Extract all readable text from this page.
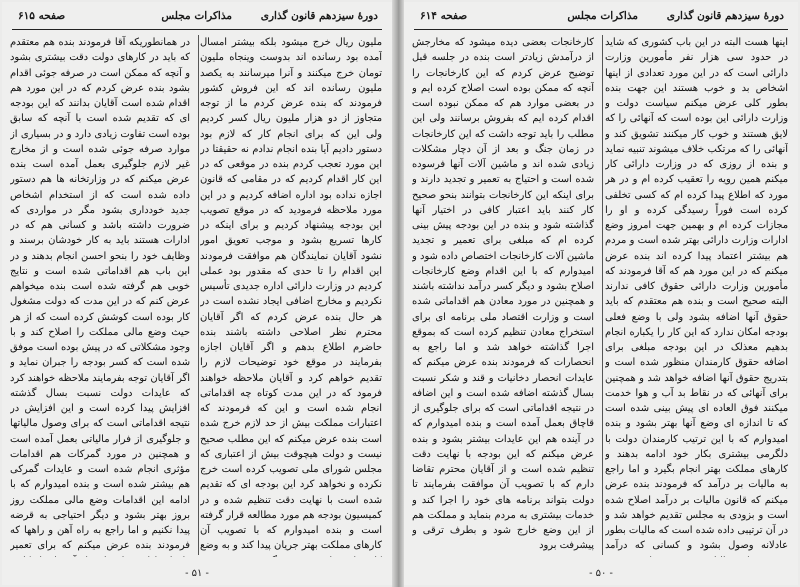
دورهٔ سیزدهم قانون گذاری
مذاکرات مجلس
صفحه ۶۱۵

ملیون ریال خرج میشود بلکه بیشتر امسال آمده بود رسانده اند بدوست وینجاه ملیون تومان خرج میکنند و آنرا میرسانند به یکصد ملیون رسانده اند که این فروش کشور فرمودند که بنده عرض کردم ما از توجه متجاوز از دو هزار ملیون ریال کسر کردیم ولی این که برای انجام کار که لازم بود دستور دادیم آیا بنده انجام ندادم نه حقیقتا در این مورد تعجب کردم بنده در موقعی که در این کار اقدام کردیم که در مقامی که قانون اجازه نداده بود اداره اضافه کردیم و در این مورد ملاحظه فرمودید که در موقع تصویب این بودجه پیشنهاد کردیم و برای اینکه در کارها تسریع بشود و موجب تعویق امور نشود آقایان نمایندگان هم موافقت فرمودند این اقدام را تا حدی که مقدور بود عملی کردیم در وزارت دارائی اداره جدیدی تأسیس نکردیم و مخارج اضافی ایجاد نشده است در هر حال بنده عرض کردم که اگر آقایان محترم نظر اصلاحی داشته باشند بنده حاضرم اطلاع بدهم و اگر آقایان اجازه بفرمایند در موقع خود توضیحات لازم را تقدیم خواهم کرد و آقایان ملاحظه خواهند فرمود که در این مدت کوتاه چه اقداماتی انجام شده است و این که فرمودند که اعتبارات مملکت بیش از حد لازم خرج شده است بنده عرض میکنم که این مطلب صحیح نیست و دولت هیچوقت بیش از اعتباری که مجلس شورای ملی تصویب کرده است خرج نکرده و نخواهد کرد این بودجه ای که تقدیم شده است با نهایت دقت تنظیم شده و در کمیسیون بودجه هم مورد مطالعه قرار گرفته است و بنده امیدوارم که با تصویب آن کارهای مملکت بهتر جریان پیدا کند و به وضع

در همانطوریکه آقا فرمودند بنده هم معتقدم که باید در کارهای دولت دقت بیشتری بشود و آنچه که ممکن است در صرفه جوئی اقدام بشود بنده عرض کردم که در این مورد هم اقدام شده است آقایان بدانند که این بودجه ای که تقدیم شده است با آنچه که سابق بوده است تفاوت زیادی دارد و در بسیاری از موارد صرفه جوئی شده است و از مخارج غیر لازم جلوگیری بعمل آمده است بنده عرض میکنم که در وزارتخانه ها هم دستور داده شده است که از استخدام اشخاص جدید خودداری بشود مگر در مواردی که ضرورت داشته باشد و کسانی هم که در ادارات هستند باید به کار خودشان برسند و وظایف خود را بنحو احسن انجام بدهند و در این باب هم اقداماتی شده است و نتایج خوبی هم گرفته شده است بنده میخواهم عرض کنم که در این مدت که دولت مشغول کار بوده است کوشش کرده است که از هر حیث وضع مالی مملکت را اصلاح کند و با وجود مشکلاتی که در پیش بوده است موفق شده است که کسر بودجه را جبران نماید و اگر آقایان توجه بفرمایند ملاحظه خواهند کرد که عایدات دولت نسبت بسال گذشته افزایش پیدا کرده است و این افزایش در نتیجه اقداماتی است که برای وصول مالیاتها و جلوگیری از فرار مالیاتی بعمل آمده است و همچنین در مورد گمرکات هم اقدامات مؤثری انجام شده است و عایدات گمرکی هم بیشتر شده است و بنده امیدوارم که با ادامه این اقدامات وضع مالی مملکت روز بروز بهتر بشود و دیگر احتیاجی به قرضه پیدا نکنیم و اما راجع به راه آهن و راهها که فرمودند بنده عرض میکنم که برای تعمیر

- ۵۱ -
دورهٔ سیزدهم قانون گذاری
مذاکرات مجلس
صفحه ۶۱۴

اینها هست البته در این باب کشوری که شاید در حدود سی هزار نفر مأمورین وزارت دارائی است که در این مورد تعدادی از اینها اشخاص بد و خوب هستند این جهت بنده بطور کلی عرض میکنم سیاست دولت و وزارت دارائی این بوده است که آنهائی را که لایق هستند و خوب کار میکنند تشویق کند و آنهائی را که مرتکب خلاف میشوند تنبیه نماید و بنده از روزی که در وزارت دارائی کار میکنم همین رویه را تعقیب کرده ام و در هر مورد که اطلاع پیدا کرده ام که کسی تخلفی کرده است فوراً رسیدگی کرده و او را مجازات کرده ام و بهمین جهت امروز وضع ادارات وزارت دارائی بهتر شده است و مردم هم بیشتر اعتماد پیدا کرده اند بنده عرض میکنم که در این مورد هم که آقا فرمودند که مأمورین وزارت دارائی حقوق کافی ندارند البته صحیح است و بنده هم معتقدم که باید حقوق آنها اضافه بشود ولی با وضع فعلی بودجه امکان ندارد که این کار را یکباره انجام بدهیم معذلک در این بودجه مبلغی برای اضافه حقوق کارمندان منظور شده است و بتدریج حقوق آنها اضافه خواهد شد و همچنین برای آنهائی که در نقاط بد آب و هوا خدمت میکنند فوق العاده ای پیش بینی شده است که تا اندازه ای وضع آنها بهتر بشود و بنده امیدوارم که با این ترتیب کارمندان دولت با دلگرمی بیشتری بکار خود ادامه بدهند و کارهای مملکت بهتر انجام بگیرد و اما راجع به مالیات بر درآمد که فرمودند بنده عرض میکنم که قانون مالیات بر درآمد اصلاح شده است و بزودی به مجلس تقدیم خواهد شد و در آن ترتیبی داده شده است که مالیات بطور عادلانه وصول بشود و کسانی که درآمد

کارخانجات بعضی دیده میشود که مخارجش از درآمدش زیادتر است بنده در جلسه قبل توضیح عرض کردم که این کارخانجات را آنچه که ممکن بوده است اصلاح کرده ایم و در بعضی موارد هم که ممکن نبوده است اقدام کرده ایم که بفروش برسانند ولی این مطلب را باید توجه داشت که این کارخانجات در زمان جنگ و بعد از آن دچار مشکلات زیادی شده اند و ماشین آلات آنها فرسوده شده است و احتیاج به تعمیر و تجدید دارند و برای اینکه این کارخانجات بتوانند بنحو صحیح کار کنند باید اعتبار کافی در اختیار آنها گذاشته شود و بنده در این بودجه پیش بینی کرده ام که مبلغی برای تعمیر و تجدید ماشین آلات کارخانجات اختصاص داده شود و امیدوارم که با این اقدام وضع کارخانجات اصلاح بشود و دیگر کسر درآمد نداشته باشند و همچنین در مورد معادن هم اقداماتی شده است و وزارت اقتصاد ملی برنامه ای برای استخراج معادن تنظیم کرده است که بموقع اجرا گذاشته خواهد شد و اما راجع به انحصارات که فرمودند بنده عرض میکنم که عایدات انحصار دخانیات و قند و شکر نسبت بسال گذشته اضافه شده است و این اضافه در نتیجه اقداماتی است که برای جلوگیری از قاچاق بعمل آمده است و بنده امیدوارم که در آینده هم این عایدات بیشتر بشود و بنده عرض میکنم که این بودجه با نهایت دقت تنظیم شده است و از آقایان محترم تقاضا دارم که با تصویب آن موافقت بفرمایند تا دولت بتواند برنامه های خود را اجرا کند و خدمات بیشتری به مردم بنماید و مملکت هم از این وضع خارج شود و بطرف ترقی و پیشرفت برود

- ۵۰ -
